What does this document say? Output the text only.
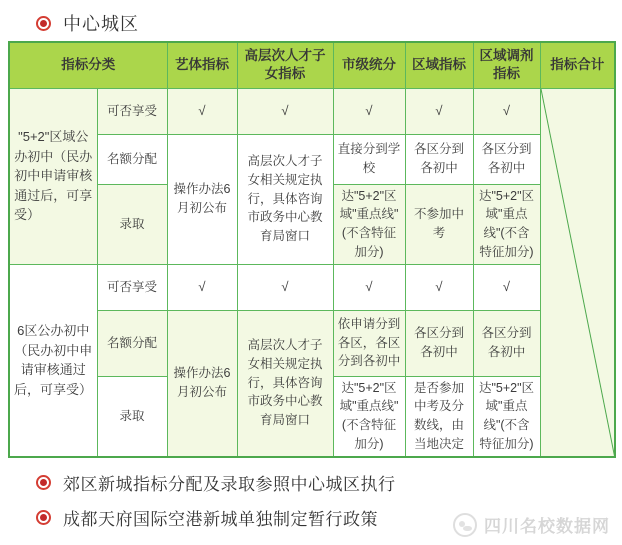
中心城区
指标分类		艺体指标	高层次人才子女指标	市级统分	区域指标	区域调剂指标	指标合计
"5+2"区域公办初中（民办初中申请审核通过后，可享受）	可否享受	√	√	√	√	√	

	名额分配	操作办法6月初公布	高层次人才子女相关规定执行，具体咨询市政务中心教育局窗口	直接分到学校	各区分到各初中	各区分到各初中	
	录取			达"5+2"区域"重点线"(不含特征加分)	不参加中考	达"5+2"区域"重点线"(不含特征加分)	
6区公办初中（民办初中申请审核通过后，可享受）	可否享受	√	√	√	√	√	
	名额分配	操作办法6月初公布	高层次人才子女相关规定执行，具体咨询市政务中心教育局窗口	依申请分到各区，各区分到各初中	各区分到各初中	各区分到各初中	
	录取			达"5+2"区域"重点线"(不含特征加分)	是否参加中考及分数线，由当地决定	达"5+2"区域"重点线"(不含特征加分)	
郊区新城指标分配及录取参照中心城区执行
成都天府国际空港新城单独制定暂行政策	四川名校数据网
